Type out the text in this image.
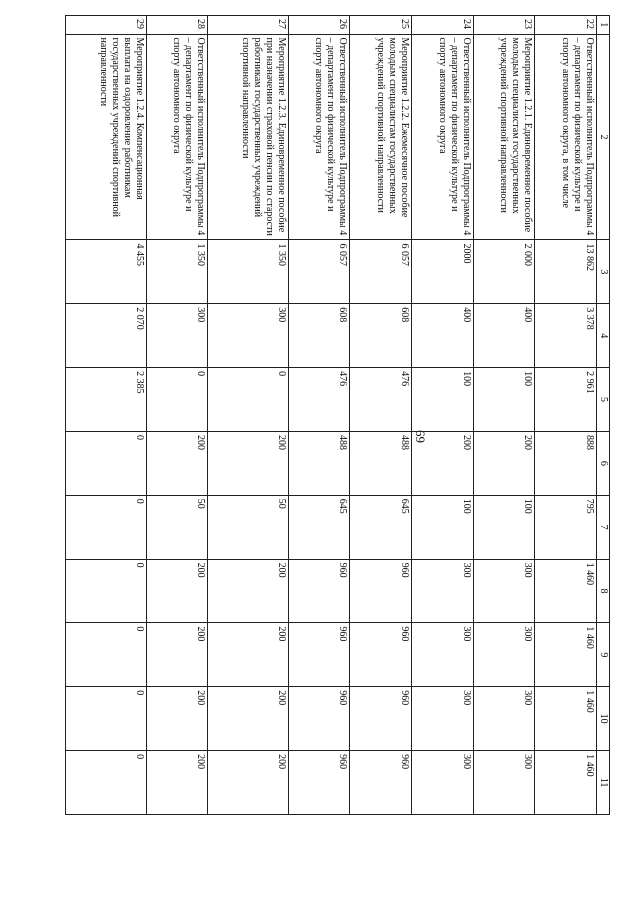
69
1	2	3	4	5	6	7	8	9	10	11
22	Ответственный исполнитель Подпрограммы 4 – департамент по физической культуре и спорту автономного округа, в том числе	13 862	3 378	2 961	888	795	1 460	1 460	1 460	1 460
23	Мероприятие 1.2.1. Единовременное пособие молодым специалистам государственных учреждений спортивной направленности	2 000	400	100	200	100	300	300	300	300
24	Ответственный исполнитель Подпрограммы 4 – департамент по физической культуре и спорту автономного округа	2000	400	100	200	100	300	300	300	300
25	Мероприятие 1.2.2. Ежемесячное пособие молодым специалистам государственных учреждений спортивной направленности	6 057	608	476	488	645	960	960	960	960
26	Ответственный исполнитель Подпрограммы 4 – департамент по физической культуре и спорту автономного округа	6 057	608	476	488	645	960	960	960	960
27	Мероприятие 1.2.3. Единовременное пособие при назначении страховой пенсии по старости работникам государственных учреждений спортивной направленности	1 350	300	0	200	50	200	200	200	200
28	Ответственный исполнитель Подпрограммы 4 – департамент по физической культуре и спорту автономного округа	1 350	300	0	200	50	200	200	200	200
29	Мероприятие 1.2.4. Компенсационная выплата на оздоровление работникам государственных учреждений спортивной направленности	4 455	2 070	2 385	0	0	0	0	0	0
